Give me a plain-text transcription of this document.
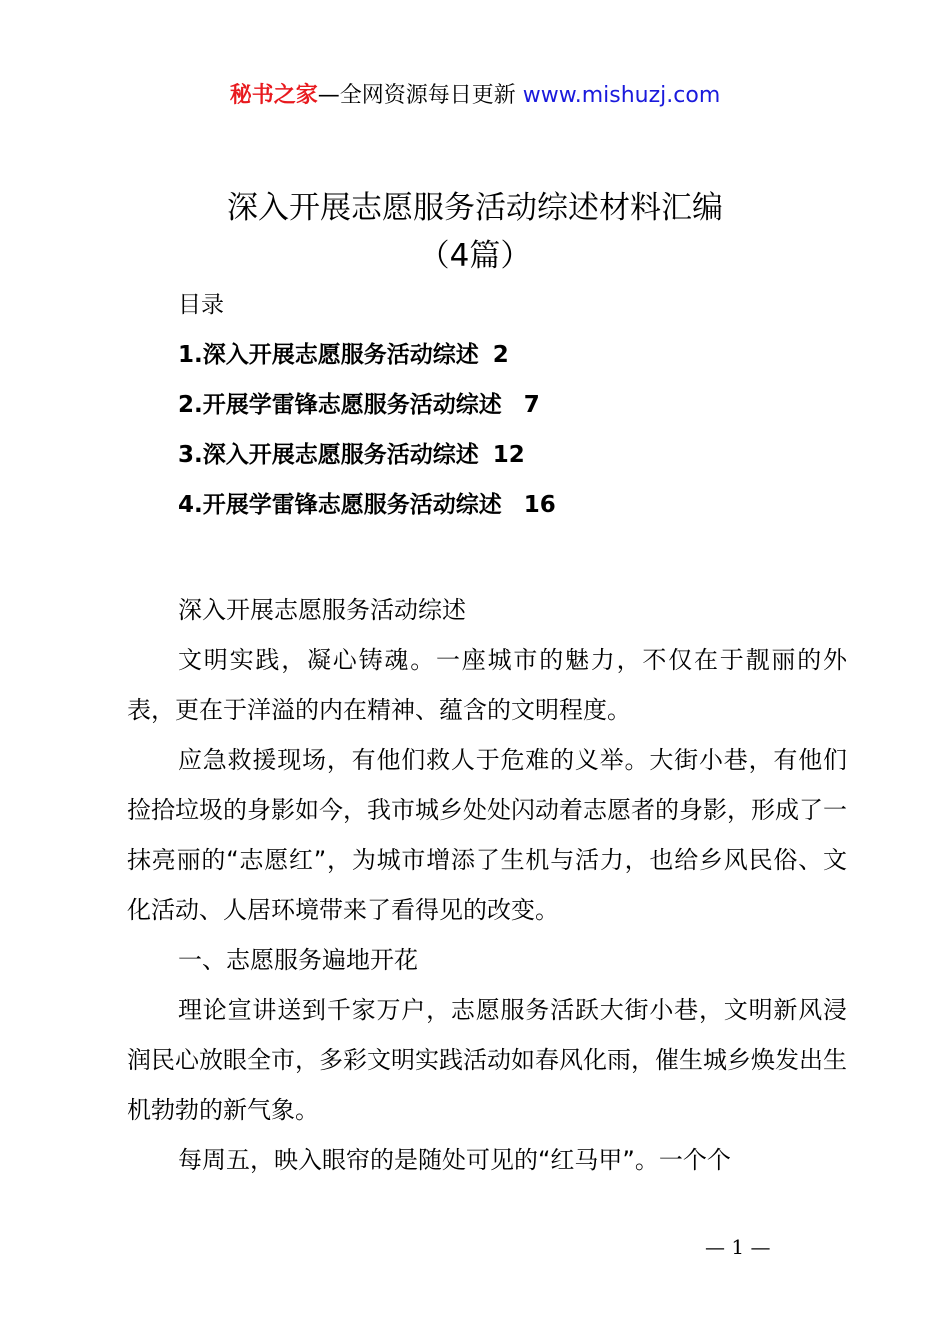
秘书之家—全网资源每日更新 www.mishuzj.com
深入开展志愿服务活动综述材料汇编
（4篇）
目录
1.深入开展志愿服务活动综述 2
2.开展学雷锋志愿服务活动综述 7
3.深入开展志愿服务活动综述 12
4.开展学雷锋志愿服务活动综述 16

深入开展志愿服务活动综述

文明实践，凝心铸魂。一座城市的魅力，不仅在于靓丽的外表，更在于洋溢的内在精神、蕴含的文明程度。

应急救援现场，有他们救人于危难的义举。大街小巷，有他们捡拾垃圾的身影如今，我市城乡处处闪动着志愿者的身影，形成了一抹亮丽的“志愿红”，为城市增添了生机与活力，也给乡风民俗、文化活动、人居环境带来了看得见的改变。

一、志愿服务遍地开花

理论宣讲送到千家万户，志愿服务活跃大街小巷，文明新风浸润民心放眼全市，多彩文明实践活动如春风化雨，催生城乡焕发出生机勃勃的新气象。

每周五，映入眼帘的是随处可见的“红马甲”。一个个

— 1 —
